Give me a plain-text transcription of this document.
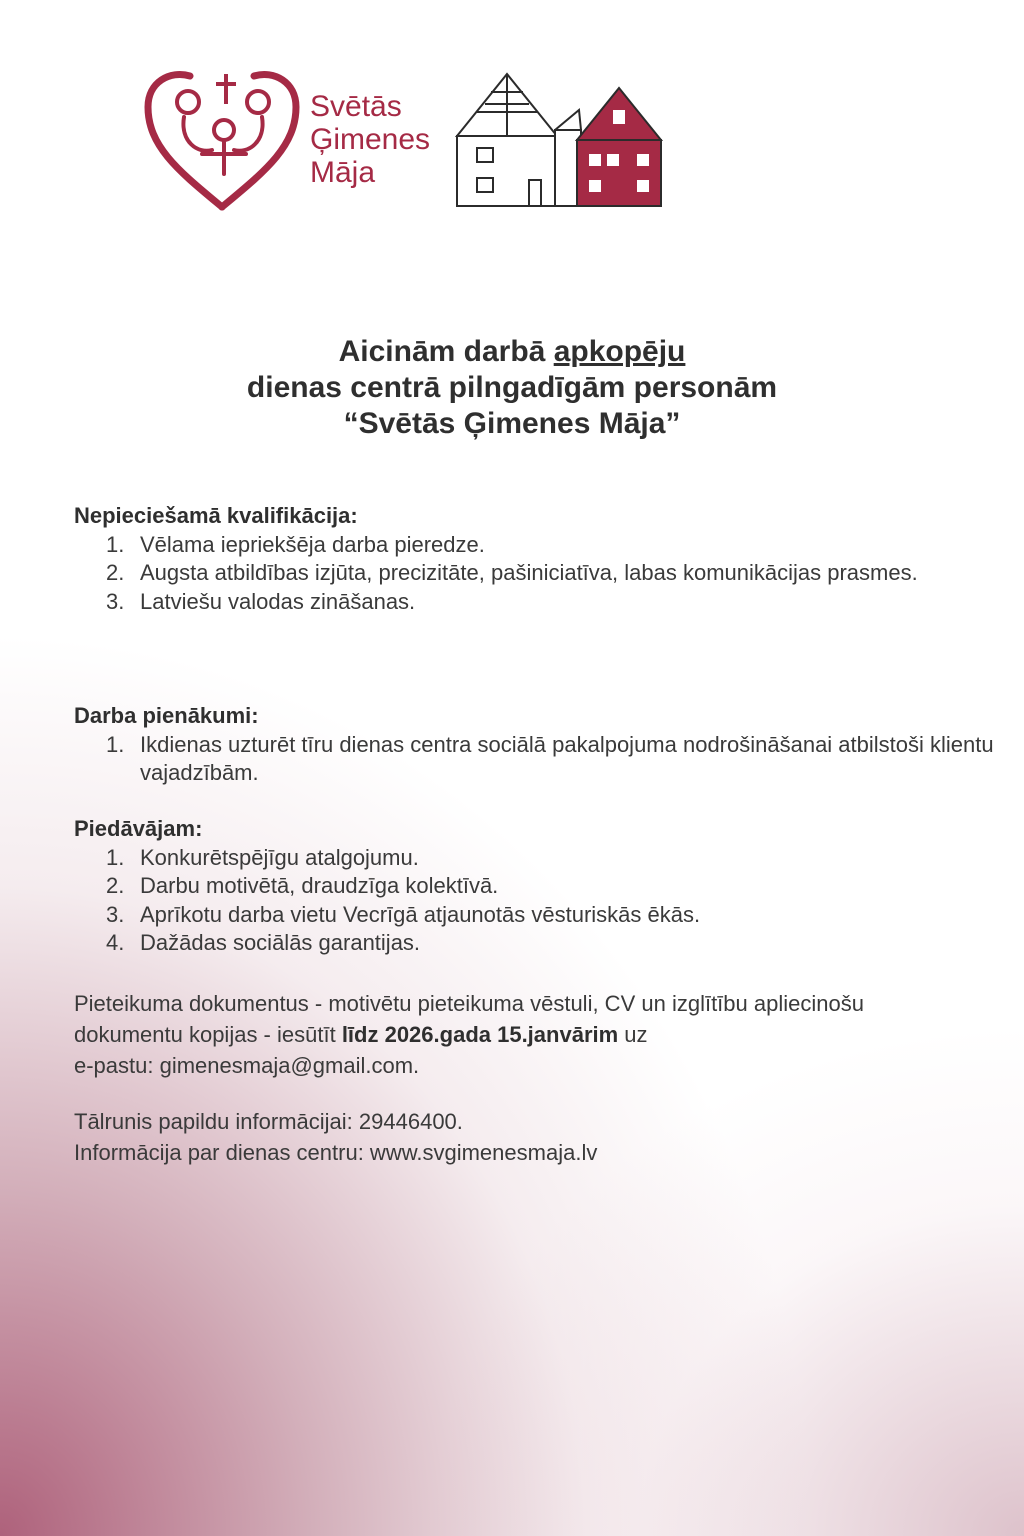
Svētās
Ģimenes
Māja
Aicinām darbā apkopēju
dienas centrā pilngadīgām personām
“Svētās Ģimenes Māja”
Nepieciešamā kvalifikācija:
1. Vēlama iepriekšēja darba pieredze.
2. Augsta atbildības izjūta, precizitāte, pašiniciatīva, labas komunikācijas prasmes.
3. Latviešu valodas zināšanas.
Darba pienākumi:
1. Ikdienas uzturēt tīru dienas centra sociālā pakalpojuma nodrošināšanai atbilstoši klientu vajadzībām.
Piedāvājam:
1. Konkurētspējīgu atalgojumu.
2. Darbu motivētā, draudzīga kolektīvā.
3. Aprīkotu darba vietu Vecrīgā atjaunotās vēsturiskās ēkās.
4. Dažādas sociālās garantijas.
Pieteikuma dokumentus - motivētu pieteikuma vēstuli, CV un izglītību apliecinošu
dokumentu kopijas - iesūtīt līdz 2026.gada 15.janvārim uz
e-pastu: gimenesmaja@gmail.com.
Tālrunis papildu informācijai: 29446400.
Informācija par dienas centru: www.svgimenesmaja.lv
